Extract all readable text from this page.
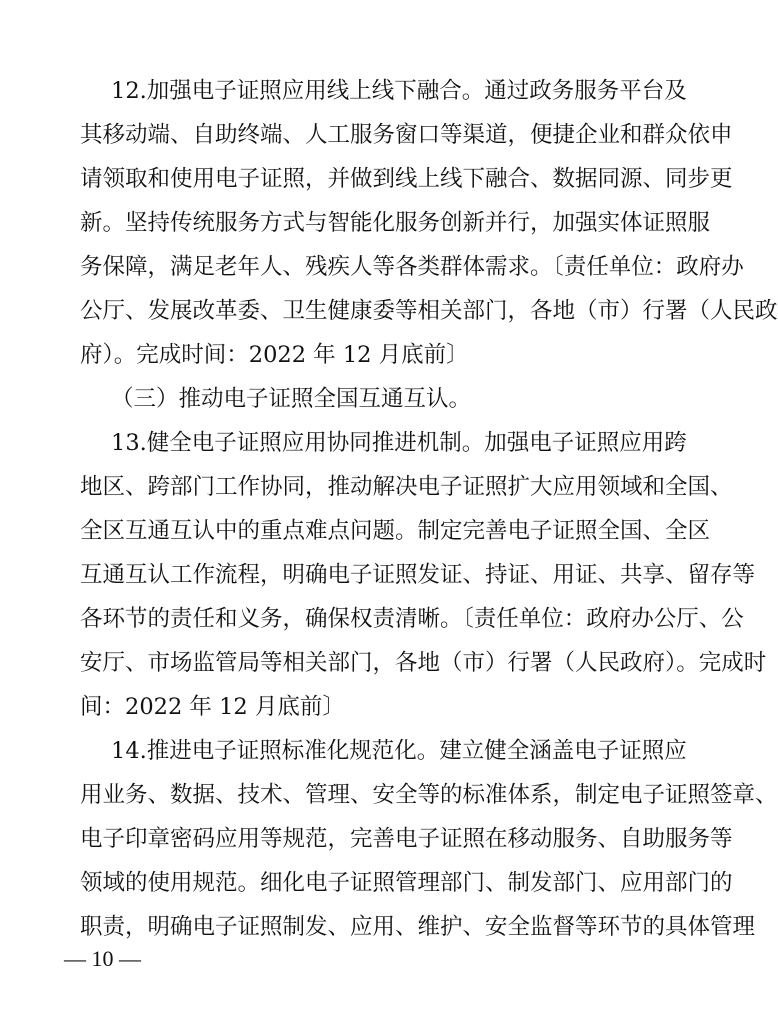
12.加强电子证照应用线上线下融合。通过政务服务平台及
其移动端、自助终端、人工服务窗口等渠道，便捷企业和群众依申
请领取和使用电子证照，并做到线上线下融合、数据同源、同步更
新。坚持传统服务方式与智能化服务创新并行，加强实体证照服
务保障，满足老年人、残疾人等各类群体需求。〔责任单位：政府办
公厅、发展改革委、卫生健康委等相关部门，各地（市）行署（人民政
府）。完成时间：2022 年 12 月底前〕
（三）推动电子证照全国互通互认。
13.健全电子证照应用协同推进机制。加强电子证照应用跨
地区、跨部门工作协同，推动解决电子证照扩大应用领域和全国、
全区互通互认中的重点难点问题。制定完善电子证照全国、全区
互通互认工作流程，明确电子证照发证、持证、用证、共享、留存等
各环节的责任和义务，确保权责清晰。〔责任单位：政府办公厅、公
安厅、市场监管局等相关部门，各地（市）行署（人民政府）。完成时
间：2022 年 12 月底前〕
14.推进电子证照标准化规范化。建立健全涵盖电子证照应
用业务、数据、技术、管理、安全等的标准体系，制定电子证照签章、
电子印章密码应用等规范，完善电子证照在移动服务、自助服务等
领域的使用规范。细化电子证照管理部门、制发部门、应用部门的
职责，明确电子证照制发、应用、维护、安全监督等环节的具体管理
— 10 —
